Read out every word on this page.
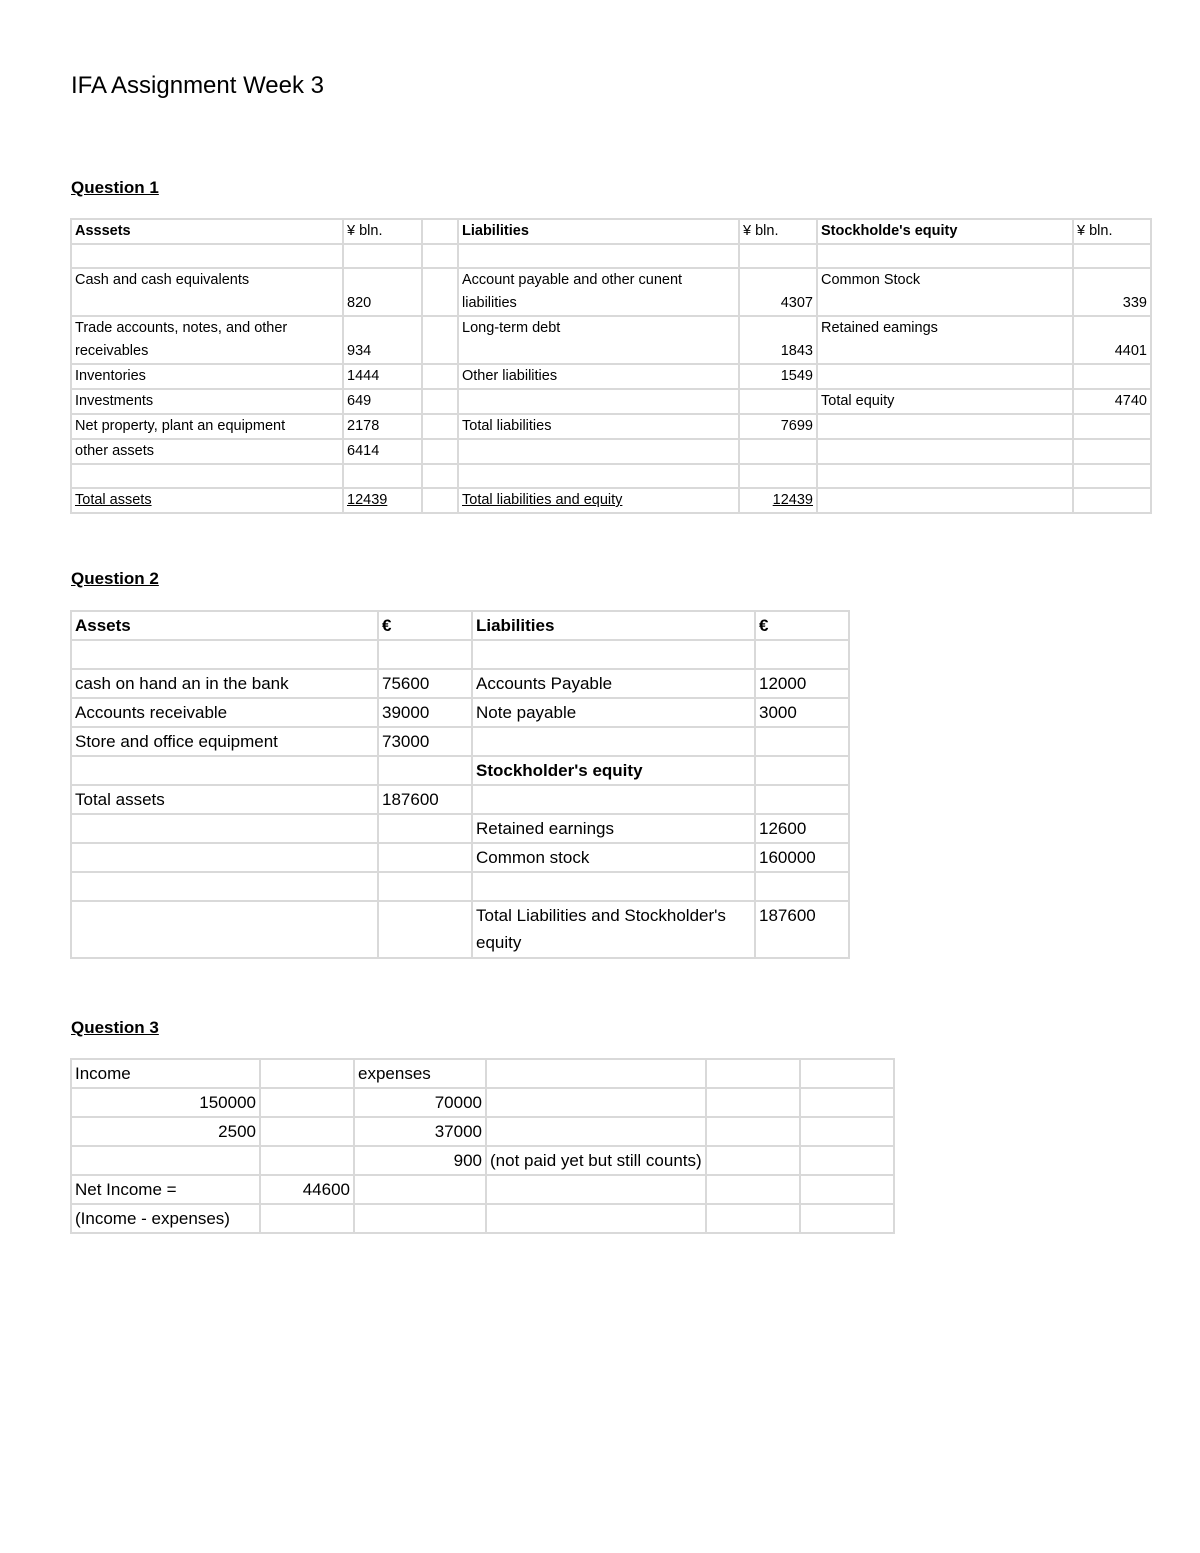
IFA Assignment Week 3
Question 1
Asssets	¥ bln.		Liabilities	¥ bln.	Stockholde's equity	¥ bln.

Cash and cash equivalents	820		Account payable and other cunent liabilities	4307	Common Stock	339
Trade accounts, notes, and other receivables	934		Long-term debt	1843	Retained eamings	4401
Inventories	1444		Other liabilities	1549		
Investments	649				Total equity	4740
Net property, plant an equipment	2178		Total liabilities	7699		
other assets	6414					

Total assets	12439		Total liabilities and equity	12439		
Question 2
Assets	€	Liabilities	€

cash on hand an in the bank	75600	Accounts Payable	12000
Accounts receivable	39000	Note payable	3000
Store and office equipment	73000		
		Stockholder's equity	
Total assets	187600		
		Retained earnings	12600
		Common stock	160000

		Total Liabilities and Stockholder's equity	187600
Question 3
Income		expenses			
150000		70000			
2500		37000			
		900	(not paid yet but still counts)		
Net Income =	44600				
(Income - expenses)					
